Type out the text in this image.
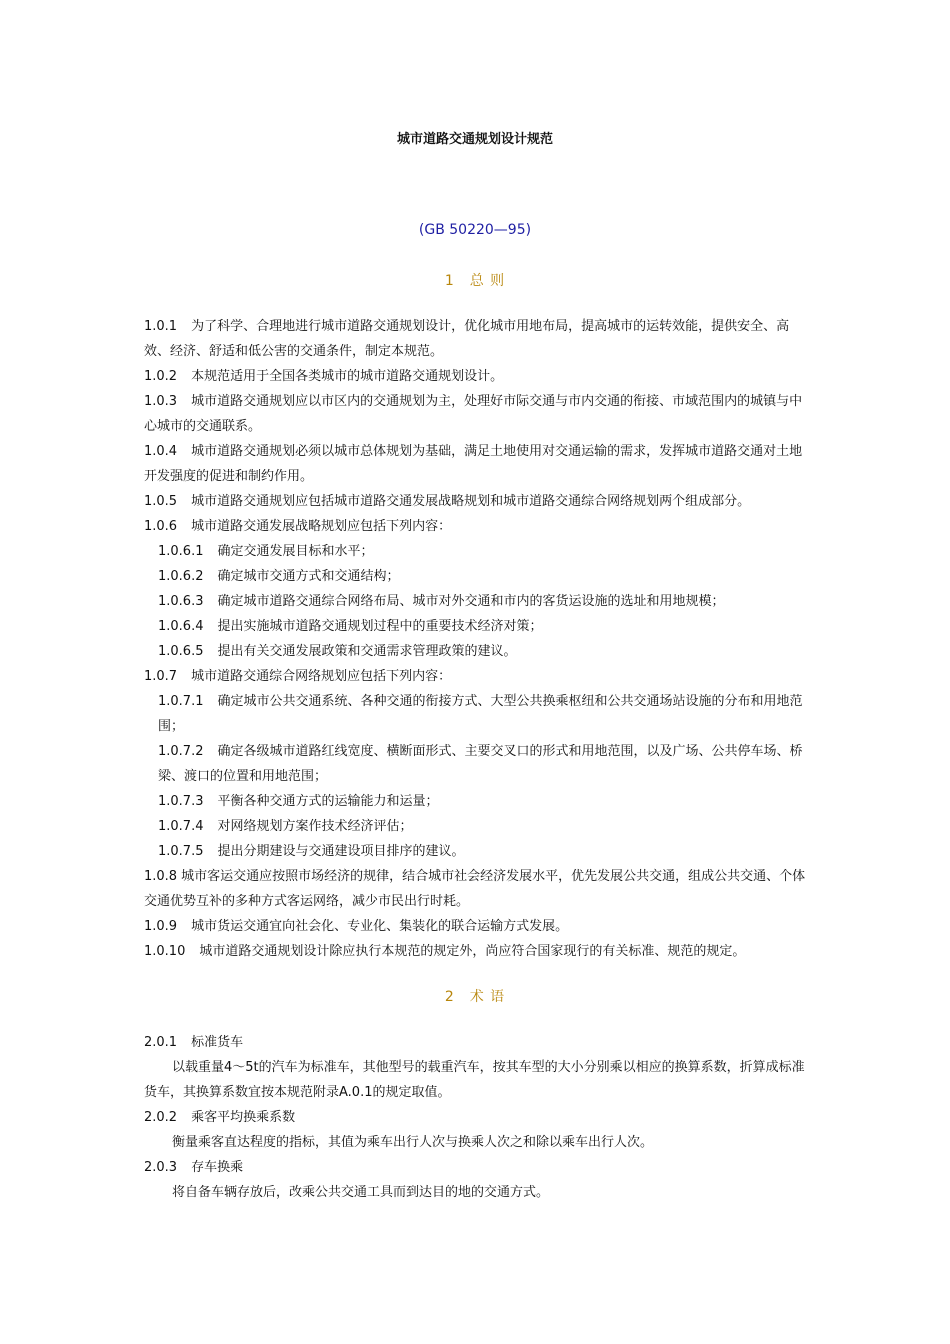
城市道路交通规划设计规范
(GB 50220—95)
1　总 则

1.0.1 为了科学、合理地进行城市道路交通规划设计，优化城市用地布局，提高城市的运转效能，提供安全、高效、经济、舒适和低公害的交通条件，制定本规范。

1.0.2 本规范适用于全国各类城市的城市道路交通规划设计。

1.0.3 城市道路交通规划应以市区内的交通规划为主，处理好市际交通与市内交通的衔接、市域范围内的城镇与中心城市的交通联系。

1.0.4 城市道路交通规划必须以城市总体规划为基础，满足土地使用对交通运输的需求，发挥城市道路交通对土地开发强度的促进和制约作用。

1.0.5 城市道路交通规划应包括城市道路交通发展战略规划和城市道路交通综合网络规划两个组成部分。

1.0.6 城市道路交通发展战略规划应包括下列内容：

1.0.6.1 确定交通发展目标和水平；

1.0.6.2 确定城市交通方式和交通结构；

1.0.6.3 确定城市道路交通综合网络布局、城市对外交通和市内的客货运设施的选址和用地规模；

1.0.6.4 提出实施城市道路交通规划过程中的重要技术经济对策；

1.0.6.5 提出有关交通发展政策和交通需求管理政策的建议。

1.0.7 城市道路交通综合网络规划应包括下列内容：

1.0.7.1 确定城市公共交通系统、各种交通的衔接方式、大型公共换乘枢纽和公共交通场站设施的分布和用地范围；

1.0.7.2 确定各级城市道路红线宽度、横断面形式、主要交叉口的形式和用地范围，以及广场、公共停车场、桥梁、渡口的位置和用地范围；

1.0.7.3 平衡各种交通方式的运输能力和运量；

1.0.7.4 对网络规划方案作技术经济评估；

1.0.7.5 提出分期建设与交通建设项目排序的建议。

1.0.8 城市客运交通应按照市场经济的规律，结合城市社会经济发展水平，优先发展公共交通，组成公共交通、个体交通优势互补的多种方式客运网络，减少市民出行时耗。

1.0.9 城市货运交通宜向社会化、专业化、集装化的联合运输方式发展。

1.0.10 城市道路交通规划设计除应执行本规范的规定外，尚应符合国家现行的有关标准、规范的规定。

2　术 语

2.0.1 标准货车

以载重量4～5t的汽车为标准车，其他型号的载重汽车，按其车型的大小分别乘以相应的换算系数，折算成标准货车，其换算系数宜按本规范附录A.0.1的规定取值。

2.0.2 乘客平均换乘系数

衡量乘客直达程度的指标，其值为乘车出行人次与换乘人次之和除以乘车出行人次。

2.0.3 存车换乘

将自备车辆存放后，改乘公共交通工具而到达目的地的交通方式。
